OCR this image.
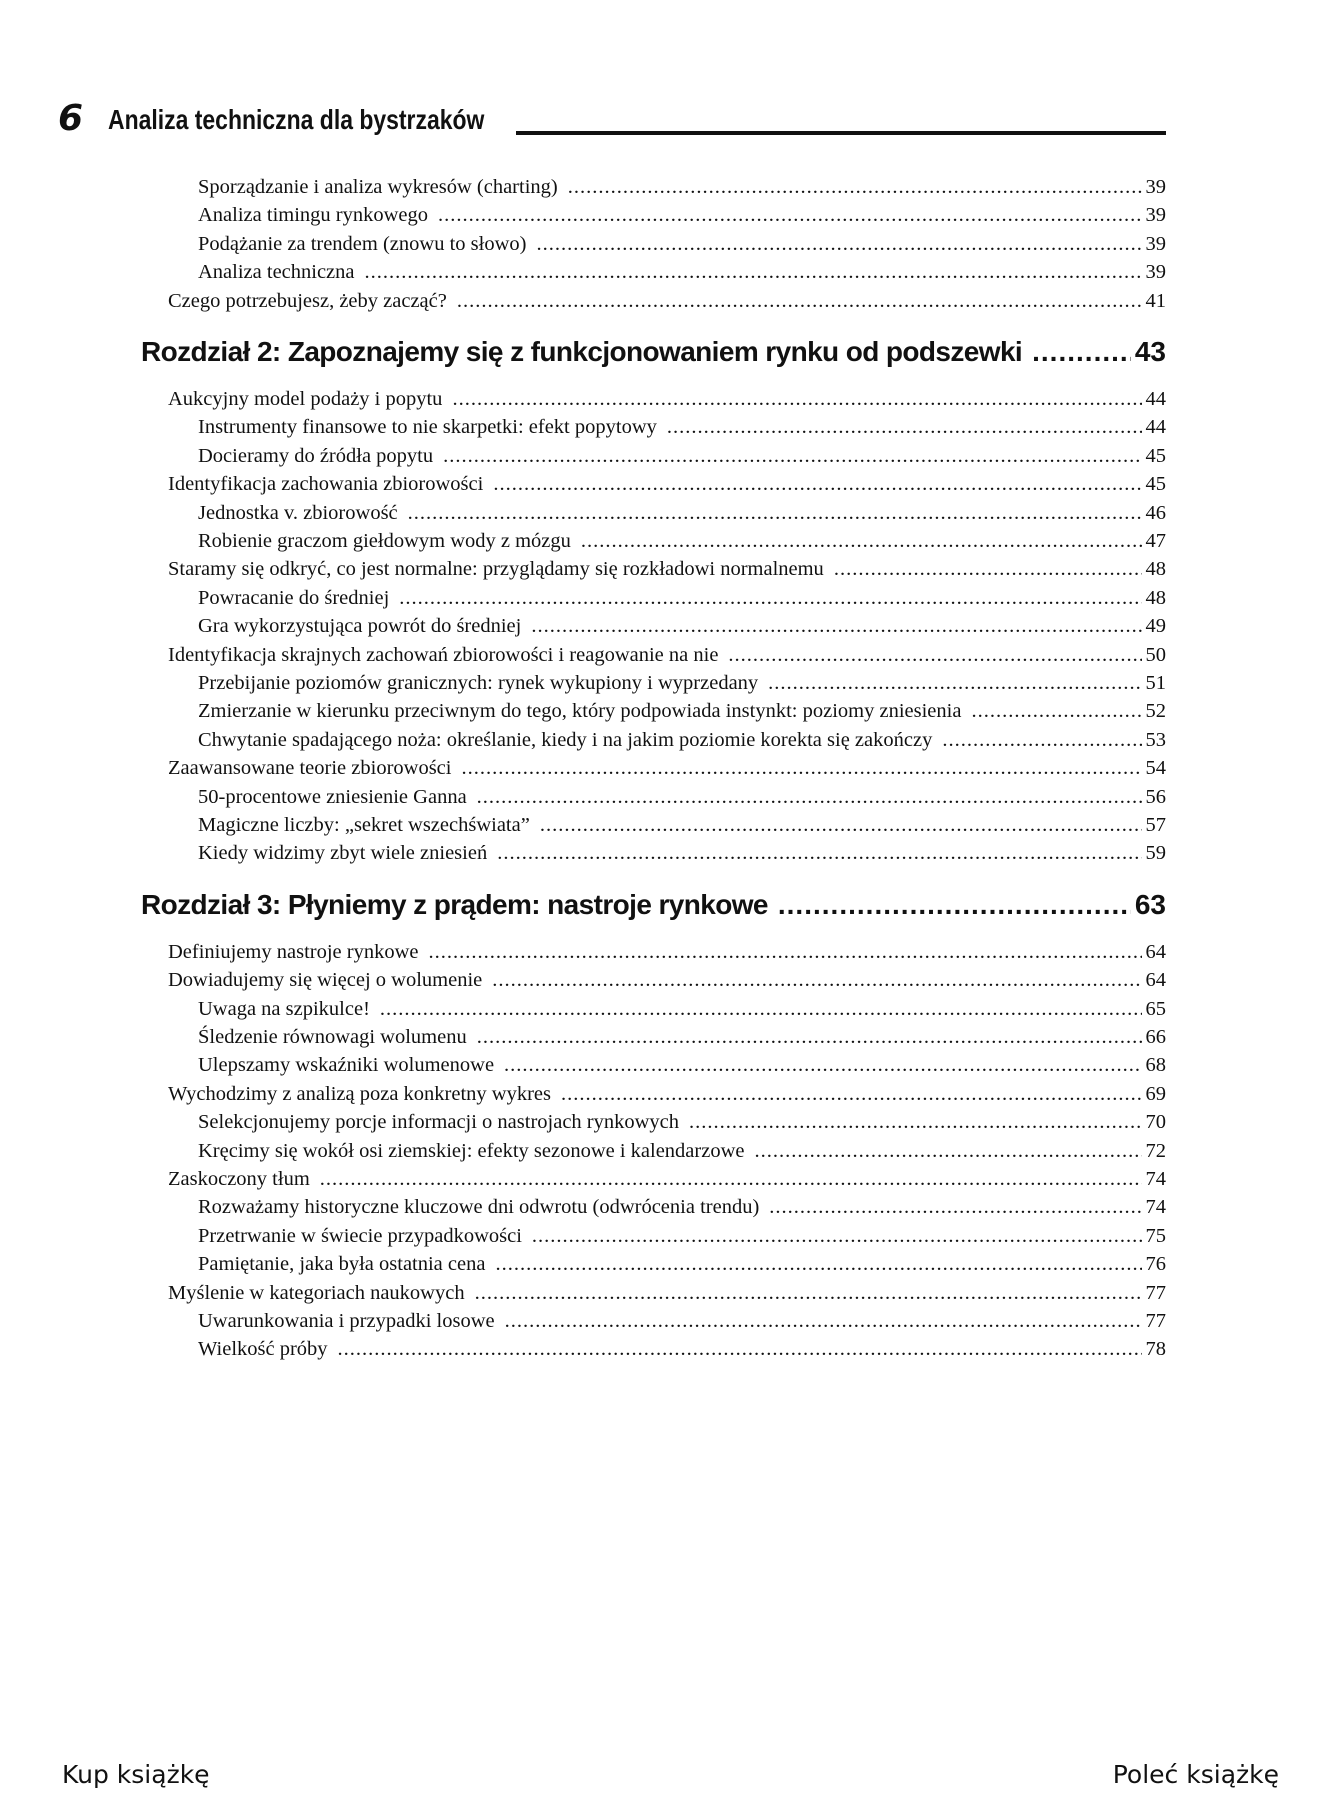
6 Analiza techniczna dla bystrzaków
Sporządzanie i analiza wykresów (charting) .....	39
Analiza timingu rynkowego .....	39
Podążanie za trendem (znowu to słowo) .....	39
Analiza techniczna .....	39
Czego potrzebujesz, żeby zacząć? .....	41
Rozdział 2: Zapoznajemy się z funkcjonowaniem rynku od podszewki .....	43
Aukcyjny model podaży i popytu .....	44
Instrumenty finansowe to nie skarpetki: efekt popytowy .....	44
Docieramy do źródła popytu .....	45
Identyfikacja zachowania zbiorowości .....	45
Jednostka v. zbiorowość .....	46
Robienie graczom giełdowym wody z mózgu .....	47
Staramy się odkryć, co jest normalne: przyglądamy się rozkładowi normalnemu .....	48
Powracanie do średniej .....	48
Gra wykorzystująca powrót do średniej .....	49
Identyfikacja skrajnych zachowań zbiorowości i reagowanie na nie .....	50
Przebijanie poziomów granicznych: rynek wykupiony i wyprzedany .....	51
Zmierzanie w kierunku przeciwnym do tego, który podpowiada instynkt: poziomy zniesienia .....	52
Chwytanie spadającego noża: określanie, kiedy i na jakim poziomie korekta się zakończy .....	53
Zaawansowane teorie zbiorowości .....	54
50-procentowe zniesienie Ganna .....	56
Magiczne liczby: „sekret wszechświata” .....	57
Kiedy widzimy zbyt wiele zniesień .....	59
Rozdział 3: Płyniemy z prądem: nastroje rynkowe .....	63
Definiujemy nastroje rynkowe .....	64
Dowiadujemy się więcej o wolumenie .....	64
Uwaga na szpikulce! .....	65
Śledzenie równowagi wolumenu .....	66
Ulepszamy wskaźniki wolumenowe .....	68
Wychodzimy z analizą poza konkretny wykres .....	69
Selekcjonujemy porcje informacji o nastrojach rynkowych .....	70
Kręcimy się wokół osi ziemskiej: efekty sezonowe i kalendarzowe .....	72
Zaskoczony tłum .....	74
Rozważamy historyczne kluczowe dni odwrotu (odwrócenia trendu) .....	74
Przetrwanie w świecie przypadkowości .....	75
Pamiętanie, jaka była ostatnia cena .....	76
Myślenie w kategoriach naukowych .....	77
Uwarunkowania i przypadki losowe .....	77
Wielkość próby .....	78
Kup książkę	Poleć książkę
